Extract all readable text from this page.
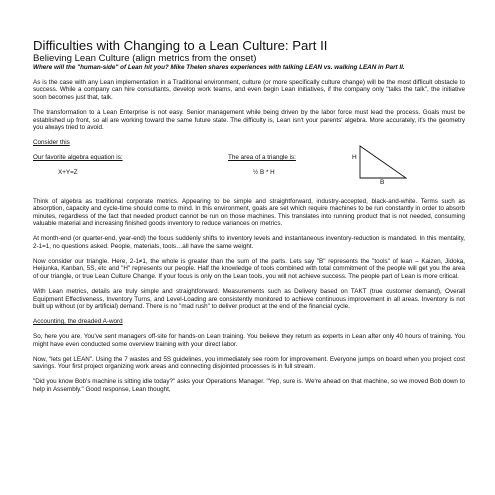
Difficulties with Changing to a Lean Culture: Part II
Believing Lean Culture (align metrics from the onset)
Where will the "human-side" of Lean hit you? Mike Thelen shares experiences with talking LEAN vs. walking LEAN in Part II.

As is the case with any Lean implementation in a Traditional environment, culture (or more specifically culture change) will be the most difficult obstacle to success. While a company can hire consultants, develop work teams, and even begin Lean initiatives, if the company only "talks the talk", the initiative soon becomes just that, talk.

The transformation to a Lean Enterprise is not easy. Senior management while being driven by the labor force must lead the process. Goals must be established up front, so all are working toward the same future state. The difficulty is, Lean isn't your parents' algebra. More accurately, it's the geometry you always tried to avoid.

Consider this

Our favorite algebra equation is:

X+Y=Z

The area of a triangle is:

½ B * H

H
B

Think of algebra as traditional corporate metrics. Appearing to be simple and straightforward, industry-accepted, black-and-white. Terms such as absorption, capacity and cycle-time should come to mind. In this environment, goals are set which require machines to be run constantly in order to absorb minutes, regardless of the fact that needed product cannot be run on those machines. This translates into running product that is not needed, consuming valuable material and increasing finished goods inventory to reduce variances on metrics.

At month-end (or quarter-end, year-end) the focus suddenly shifts to inventory levels and instantaneous inventory-reduction is mandated. In this mentality, 2-1=1, no questions asked. People, materials, tools…all have the same weight.

Now consider our triangle. Here, 2-1≠1, the whole is greater than the sum of the parts. Lets say "B" represents the "tools" of lean – Kaizen, Jidoka, Heijunka, Kanban, 5S, etc and "H" represents our people. Half the knowledge of tools combined with total commitment of the people will get you the area of our triangle, or true Lean Culture Change. If your focus is only on the Lean tools, you will not achieve success. The people part of Lean is more critical.

With Lean metrics, details are truly simple and straightforward. Measurements such as Delivery based on TAKT (true customer demand), Overall Equipment Effectiveness, Inventory Turns, and Level-Loading are consistently monitored to achieve continuous improvement in all areas. Inventory is not built up without (or by artificial) demand. There is no "mad rush" to deliver product at the end of the financial cycle.

Accounting, the dreaded A-word

So, here you are. You've sent managers off-site for hands-on Lean training. You believe they return as experts in Lean after only 40 hours of training. You might have even conducted some overview training with your direct labor.

Now, "lets get LEAN". Using the 7 wastes and 5S guidelines, you immediately see room for improvement. Everyone jumps on board when you project cost savings. Your first project organizing work areas and connecting disjointed processes is in full stream.

"Did you know Bob's machine is sitting idle today?" asks your Operations Manager. "Yep, sure is. We're ahead on that machine, so we moved Bob down to help in Assembly." Good response, Lean thought,
